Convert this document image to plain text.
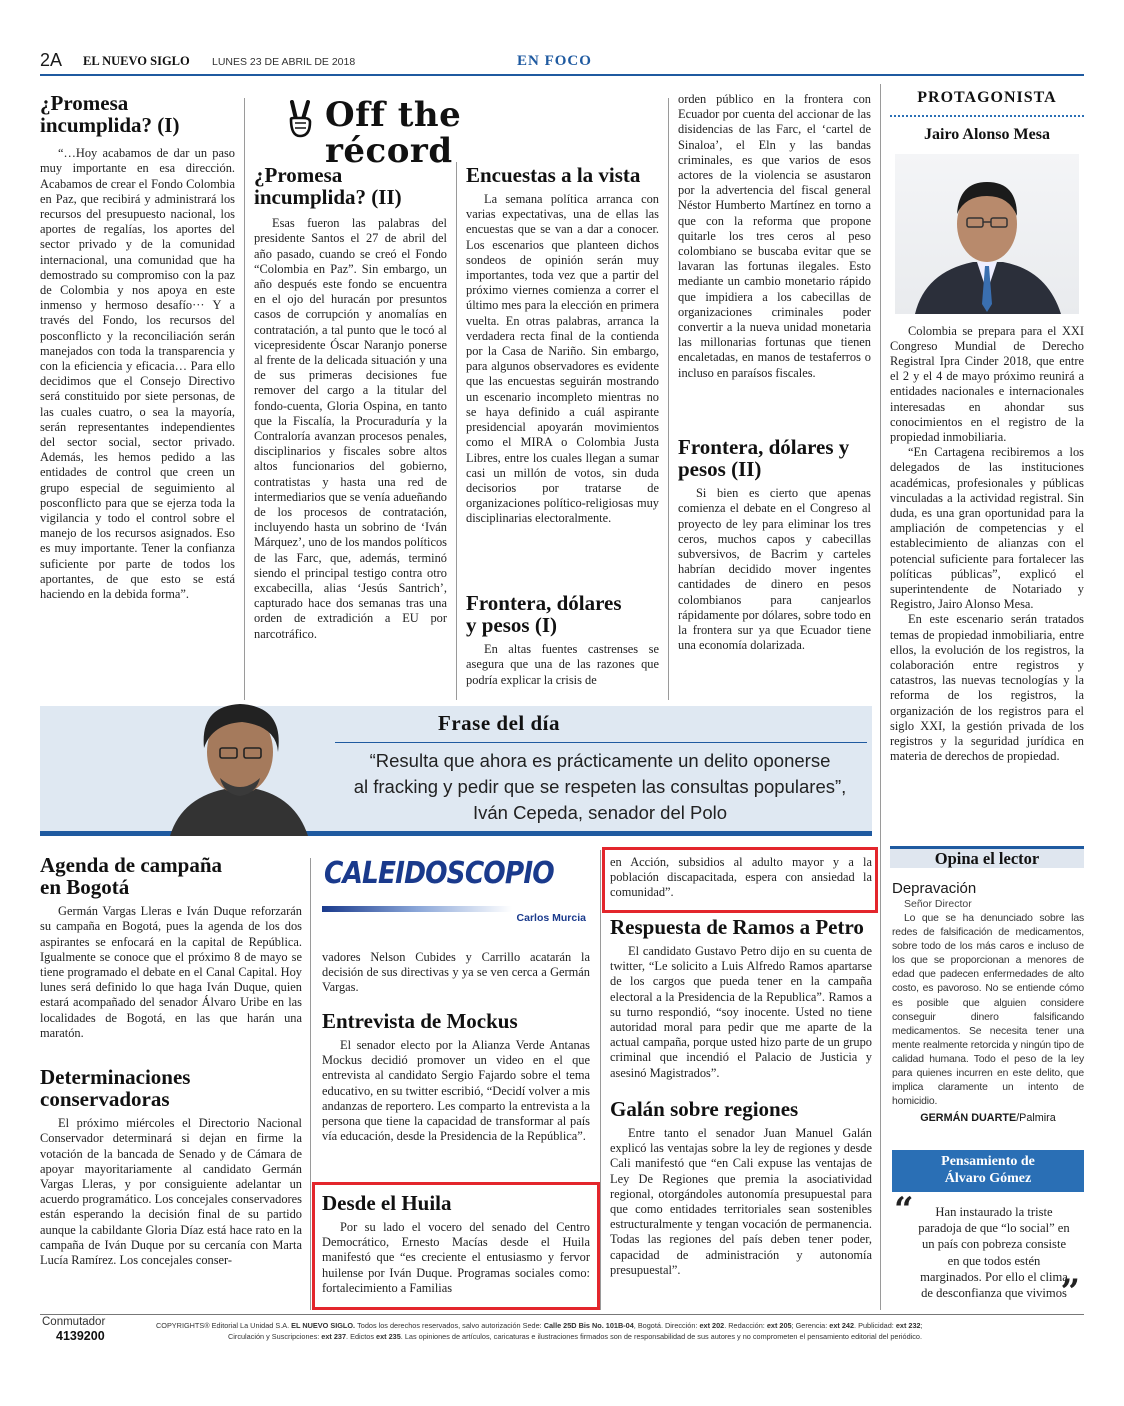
2A EL NUEVO SIGLO LUNES 23 DE ABRIL DE 2018	EN FOCO
¿Promesa incumplida? (I)

“…Hoy acabamos de dar un paso muy importante en esa dirección. Acabamos de crear el Fondo Colombia en Paz, que recibirá y administrará los recursos del presupuesto nacional, los aportes de regalías, los aportes del sector privado y de la comunidad internacional, una comunidad que ha demostrado su compromiso con la paz de Colombia y nos apoya en este inmenso y hermoso desafío··· Y a través del Fondo, los recursos del posconflicto y la reconciliación serán manejados con toda la transparencia y con la eficiencia y eficacia… Para ello decidimos que el Consejo Directivo será constituido por siete personas, de las cuales cuatro, o sea la mayoría, serán representantes independientes del sector social, sector privado. Además, les hemos pedido a las entidades de control que creen un grupo especial de seguimiento al posconflicto para que se ejerza toda la vigilancia y todo el control sobre el manejo de los recursos asignados. Eso es muy importante. Tener la confianza suficiente por parte de todos los aportantes, de que esto se está haciendo en la debida forma”.

Off the récord
¿Promesa incumplida? (II)

Esas fueron las palabras del presidente Santos el 27 de abril del año pasado, cuando se creó el Fondo “Colombia en Paz”. Sin embargo, un año después este fondo se encuentra en el ojo del huracán por presuntos casos de corrupción y anomalías en contratación, a tal punto que le tocó al vicepresidente Óscar Naranjo ponerse al frente de la delicada situación y una de sus primeras decisiones fue remover del cargo a la titular del fondo-cuenta, Gloria Ospina, en tanto que la Fiscalía, la Procuraduría y la Contraloría avanzan procesos penales, disciplinarios y fiscales sobre altos altos funcionarios del gobierno, contratistas y hasta una red de intermediarios que se venía adueñando de los procesos de contratación, incluyendo hasta un sobrino de ‘Iván Márquez’, uno de los mandos políticos de las Farc, que, además, terminó siendo el principal testigo contra otro excabecilla, alias ‘Jesús Santrich’, capturado hace dos semanas tras una orden de extradición a EU por narcotráfico.

Encuestas a la vista

La semana política arranca con varias expectativas, una de ellas las encuestas que se van a dar a conocer. Los escenarios que planteen dichos sondeos de opinión serán muy importantes, toda vez que a partir del próximo viernes comienza a correr el último mes para la elección en primera vuelta. En otras palabras, arranca la verdadera recta final de la contienda por la Casa de Nariño. Sin embargo, para algunos observadores es evidente que las encuestas seguirán mostrando un escenario incompleto mientras no se haya definido a cuál aspirante presidencial apoyarán movimientos como el MIRA o Colombia Justa Libres, entre los cuales llegan a sumar casi un millón de votos, sin duda decisorios por tratarse de organizaciones político-religiosas muy disciplinarias electoralmente.

Frontera, dólares y pesos (I)

En altas fuentes castrenses se asegura que una de las razones que podría explicar la crisis de

orden público en la frontera con Ecuador por cuenta del accionar de las disidencias de las Farc, el ‘cartel de Sinaloa’, el Eln y las bandas criminales, es que varios de esos actores de la violencia se asustaron por la advertencia del fiscal general Néstor Humberto Martínez en torno a que con la reforma que propone quitarle los tres ceros al peso colombiano se buscaba evitar que se lavaran las fortunas ilegales. Esto mediante un cambio monetario rápido que impidiera a los cabecillas de organizaciones criminales poder convertir a la nueva unidad monetaria las millonarias fortunas que tienen encaletadas, en manos de testaferros o incluso en paraísos fiscales.
Frontera, dólares y pesos (II)

Si bien es cierto que apenas comienza el debate en el Congreso al proyecto de ley para eliminar los tres ceros, muchos capos y cabecillas subversivos, de Bacrim y carteles habrían decidido mover ingentes cantidades de dinero en pesos colombianos para canjearlos rápidamente por dólares, sobre todo en la frontera sur ya que Ecuador tiene una economía dolarizada.

PROTAGONISTA
Jairo Alonso Mesa

Colombia se prepara para el XXI Congreso Mundial de Derecho Registral Ipra Cinder 2018, que entre el 2 y el 4 de mayo próximo reunirá a entidades nacionales e internacionales interesadas en ahondar sus conocimientos en el registro de la propiedad inmobiliaria.

“En Cartagena recibiremos a los delegados de las instituciones académicas, profesionales y públicas vinculadas a la actividad registral. Sin duda, es una gran oportunidad para la ampliación de competencias y el establecimiento de alianzas con el potencial suficiente para fortalecer las políticas públicas”, explicó el superintendente de Notariado y Registro, Jairo Alonso Mesa.

En este escenario serán tratados temas de propiedad inmobiliaria, entre ellos, la evolución de los registros, la colaboración entre registros y catastros, las nuevas tecnologías y la reforma de los registros, la organización de los registros para el siglo XXI, la gestión privada de los registros y la seguridad jurídica en materia de derechos de propiedad.

Frase del día
“Resulta que ahora es prácticamente un delito oponerse
al fracking y pedir que se respeten las consultas populares”,
Iván Cepeda, senador del Polo
Agenda de campaña en Bogotá

Germán Vargas Lleras e Iván Duque reforzarán su campaña en Bogotá, pues la agenda de los dos aspirantes se enfocará en la capital de República. Igualmente se conoce que el próximo 8 de mayo se tiene programado el debate en el Canal Capital. Hoy lunes será definido lo que haga Iván Duque, quien estará acompañado del senador Álvaro Uribe en las localidades de Bogotá, en las que harán una maratón.

Determinaciones conservadoras

El próximo miércoles el Directorio Nacional Conservador determinará si dejan en firme la votación de la bancada de Senado y de Cámara de apoyar mayoritariamente al candidato Germán Vargas Lleras, y por consiguiente adelantar un acuerdo programático. Los concejales conservadores están esperando la decisión final de su partido aunque la cabildante Gloria Díaz está hace rato en la campaña de Iván Duque por su cercanía con Marta Lucía Ramírez. Los concejales conser-

CALEIDOSCOPIO
Carlos Murcia
vadores Nelson Cubides y Carrillo acatarán la decisión de sus directivas y ya se ven cerca a Germán Vargas.
Entrevista de Mockus

El senador electo por la Alianza Verde Antanas Mockus decidió promover un video en el que entrevista al candidato Sergio Fajardo sobre el tema educativo, en su twitter escribió, “Decidí volver a mis andanzas de reportero. Les comparto la entrevista a la persona que tiene la capacidad de transformar al país vía educación, desde la Presidencia de la República”.

Desde el Huila

Por su lado el vocero del senado del Centro Democrático, Ernesto Macías desde el Huila manifestó que “es creciente el entusiasmo y fervor huilense por Iván Duque. Programas sociales como: fortalecimiento a Familias

en Acción, subsidios al adulto mayor y a la población discapacitada, espera con ansiedad la comunidad”.
Respuesta de Ramos a Petro

El candidato Gustavo Petro dijo en su cuenta de twitter, “Le solicito a Luis Alfredo Ramos apartarse de los cargos que pueda tener en la campaña electoral a la Presidencia de la Republica”. Ramos a su turno respondió, “soy inocente. Usted no tiene autoridad moral para pedir que me aparte de la actual campaña, porque usted hizo parte de un grupo criminal que incendió el Palacio de Justicia y asesinó Magistrados”.

Galán sobre regiones

Entre tanto el senador Juan Manuel Galán explicó las ventajas sobre la ley de regiones y desde Cali manifestó que “en Cali expuse las ventajas de Ley De Regiones que premia la asociatividad regional, otorgándoles autonomía presupuestal para que como entidades territoriales sean sostenibles estructuralmente y tengan vocación de permanencia. Todas las regiones del país deben tener poder, capacidad de administración y autonomía presupuestal”.

Opina el lector
Depravación
Señor Director
Lo que se ha denunciado sobre las redes de falsificación de medicamentos, sobre todo de los más caros e incluso de los que se proporcionan a menores de edad que padecen enfermedades de alto costo, es pavoroso. No se entiende cómo es posible que alguien considere conseguir dinero falsificando medicamentos. Se necesita tener una mente realmente retorcida y ningún tipo de calidad humana. Todo el peso de la ley para quienes incurren en este delito, que implica claramente un intento de homicidio.
GERMÁN DUARTE/Palmira
Pensamiento de
Álvaro Gómez
“	Han instaurado la triste paradoja de que “lo social” en un país con pobreza consiste en que todos estén marginados. Por ello el clima de desconfianza que vivimos
”
Conmutador
4139200
COPYRIGHTS® Editorial La Unidad S.A. EL NUEVO SIGLO. Todos los derechos reservados, salvo autorización Sede: Calle 25D Bis No. 101B-04, Bogotá. Dirección: ext 202. Redacción: ext 205; Gerencia: ext 242. Publicidad: ext 232;
Circulación y Suscripciones: ext 237. Edictos ext 235. Las opiniones de artículos, caricaturas e ilustraciones firmados son de responsabilidad de sus autores y no comprometen el pensamiento editorial del periódico.
